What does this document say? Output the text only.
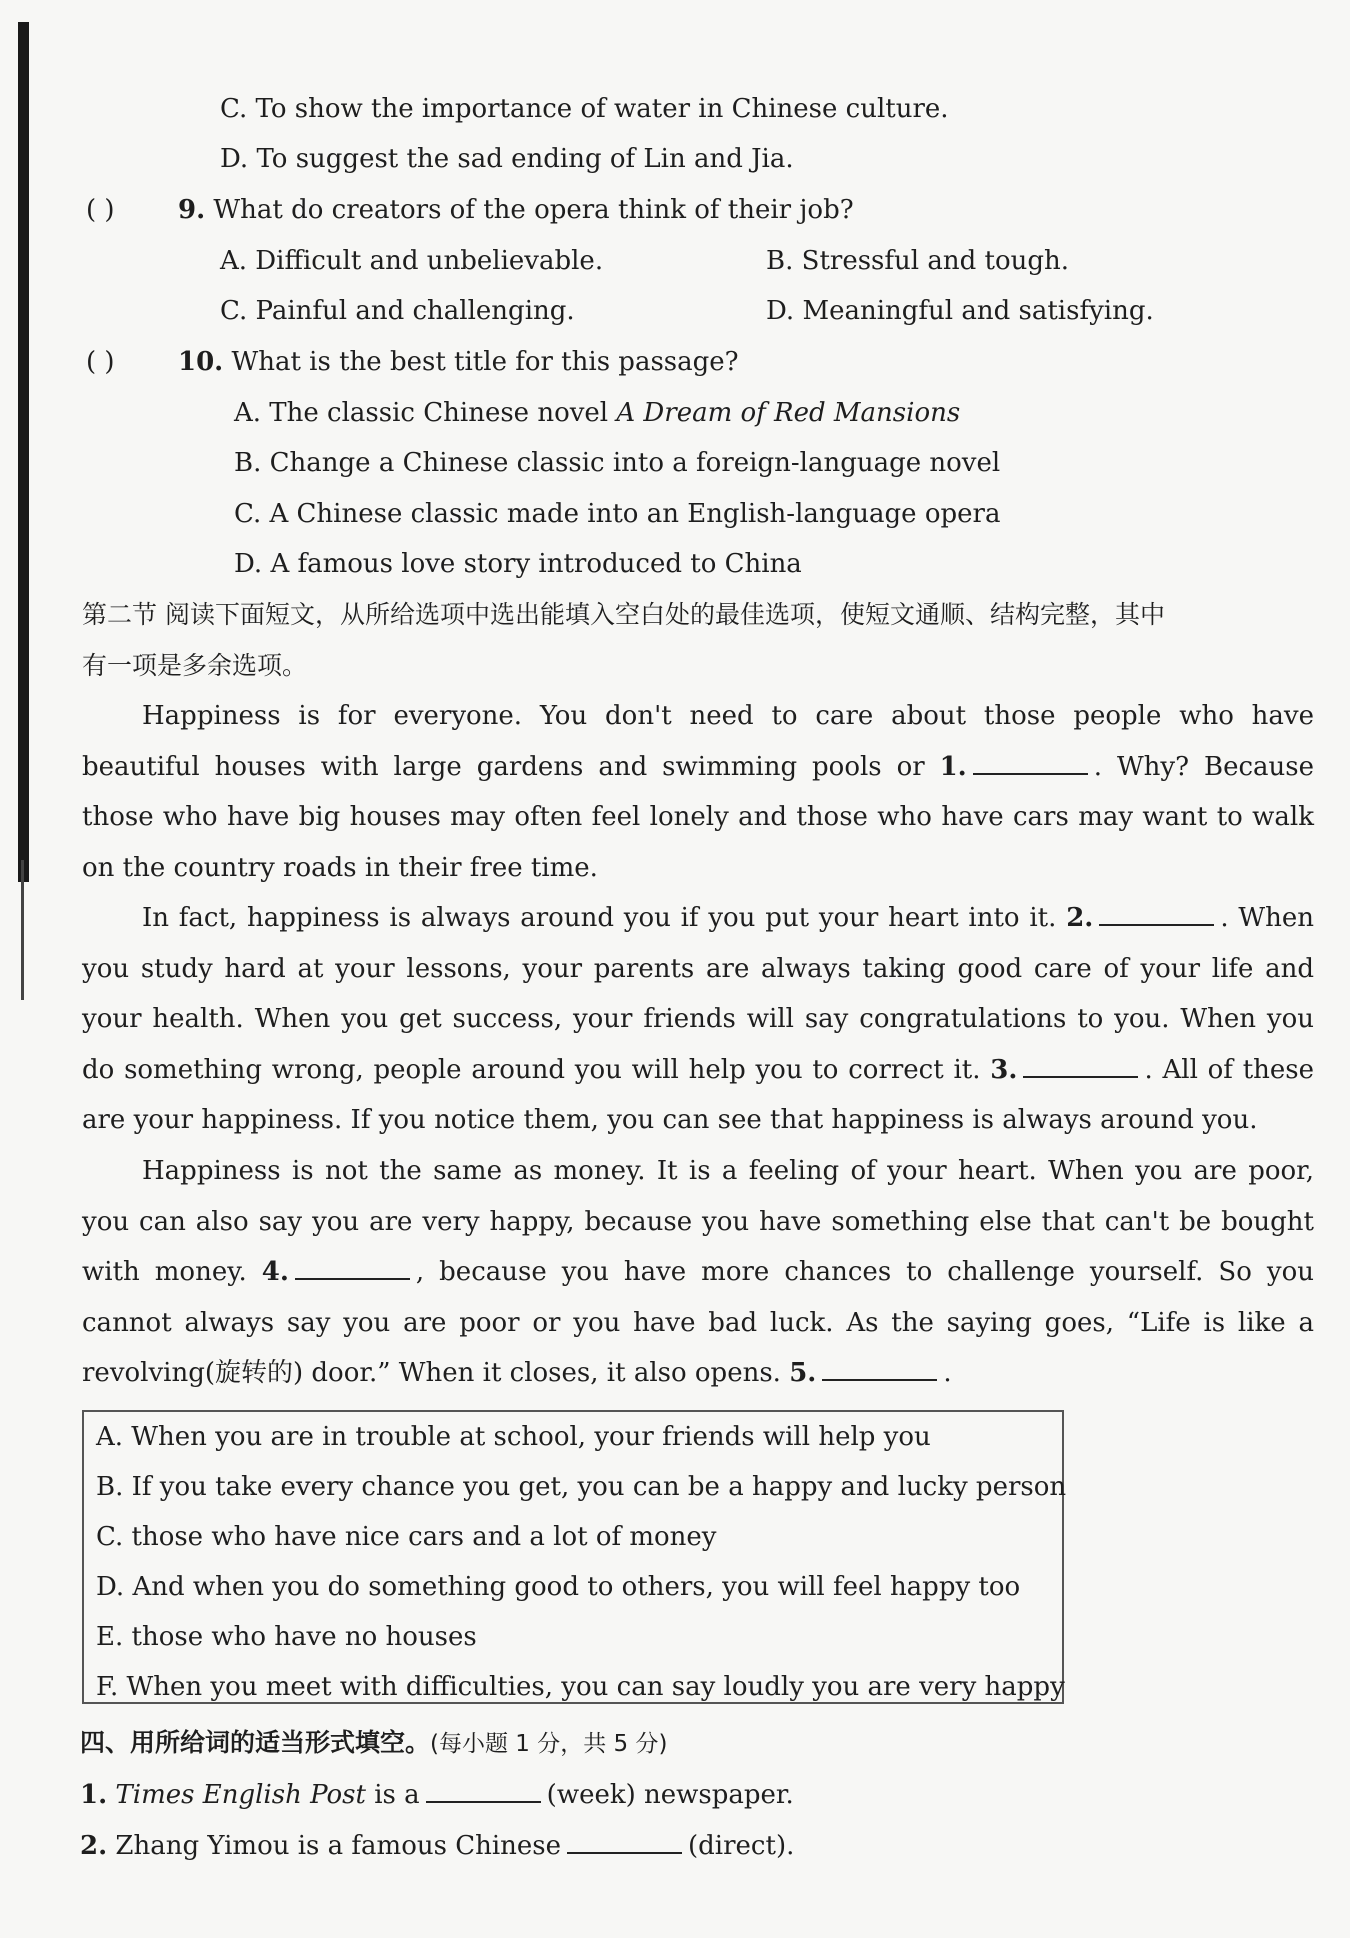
C. To show the importance of water in Chinese culture.
D. To suggest the sad ending of Lin and Jia.
( ) 9. What do creators of the opera think of their job?
A. Difficult and unbelievable.	B. Stressful and tough.
C. Painful and challenging.	D. Meaningful and satisfying.
( ) 10. What is the best title for this passage?
A. The classic Chinese novel A Dream of Red Mansions
B. Change a Chinese classic into a foreign-language novel
C. A Chinese classic made into an English-language opera
D. A famous love story introduced to China
第二节 阅读下面短文，从所给选项中选出能填入空白处的最佳选项，使短文通顺、结构完整，其中
有一项是多余选项。
Happiness is for everyone. You don't need to care about those people who have beautiful houses with large gardens and swimming pools or 1.	. Why? Because those who have big houses may often feel lonely and those who have cars may want to walk on the country roads in their free time.
In fact, happiness is always around you if you put your heart into it. 2.	. When you study hard at your lessons, your parents are always taking good care of your life and your health. When you get success, your friends will say congratulations to you. When you do something wrong, people around you will help you to correct it. 3.	. All of these are your happiness. If you notice them, you can see that happiness is always around you.
Happiness is not the same as money. It is a feeling of your heart. When you are poor, you can also say you are very happy, because you have something else that can't be bought with money. 4.	, because you have more chances to challenge yourself. So you cannot always say you are poor or you have bad luck. As the saying goes, “Life is like a revolving(旋转的) door.” When it closes, it also opens. 5.	.
A. When you are in trouble at school, your friends will help you
B. If you take every chance you get, you can be a happy and lucky person
C. those who have nice cars and a lot of money
D. And when you do something good to others, you will feel happy too
E. those who have no houses
F. When you meet with difficulties, you can say loudly you are very happy
四、用所给词的适当形式填空。(每小题 1 分，共 5 分)
1. Times English Post is a	(week) newspaper.
2. Zhang Yimou is a famous Chinese	(direct).
